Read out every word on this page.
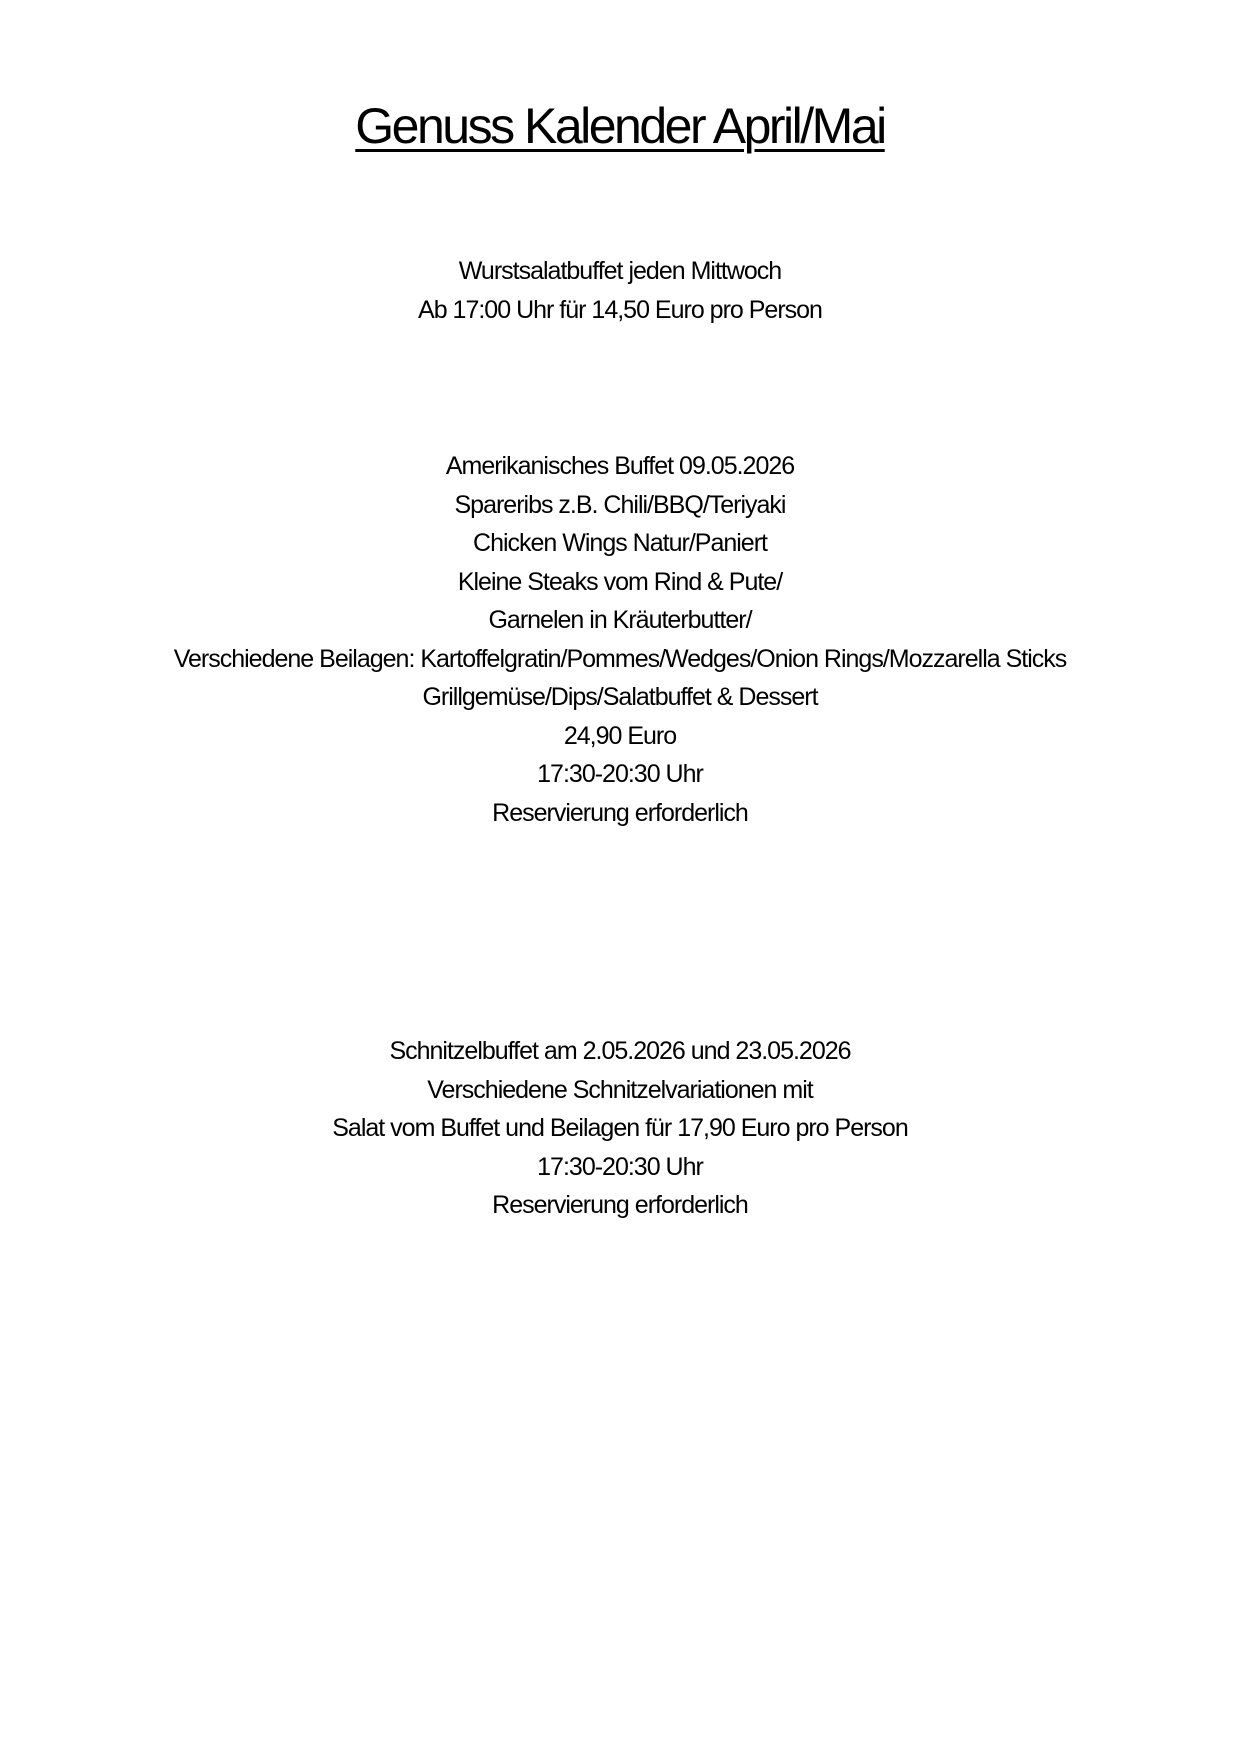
Genuss Kalender April/Mai
Wurstsalatbuffet jeden Mittwoch
Ab 17:00 Uhr für 14,50 Euro pro Person
Amerikanisches Buffet 09.05.2026
Spareribs z.B. Chili/BBQ/Teriyaki
Chicken Wings Natur/Paniert
Kleine Steaks vom Rind & Pute/
Garnelen in Kräuterbutter/
Verschiedene Beilagen: Kartoffelgratin/Pommes/Wedges/Onion Rings/Mozzarella Sticks
Grillgemüse/Dips/Salatbuffet & Dessert
24,90 Euro
17:30-20:30 Uhr
Reservierung erforderlich
Schnitzelbuffet am 2.05.2026 und 23.05.2026
Verschiedene Schnitzelvariationen mit
Salat vom Buffet und Beilagen für 17,90 Euro pro Person
17:30-20:30 Uhr
Reservierung erforderlich
